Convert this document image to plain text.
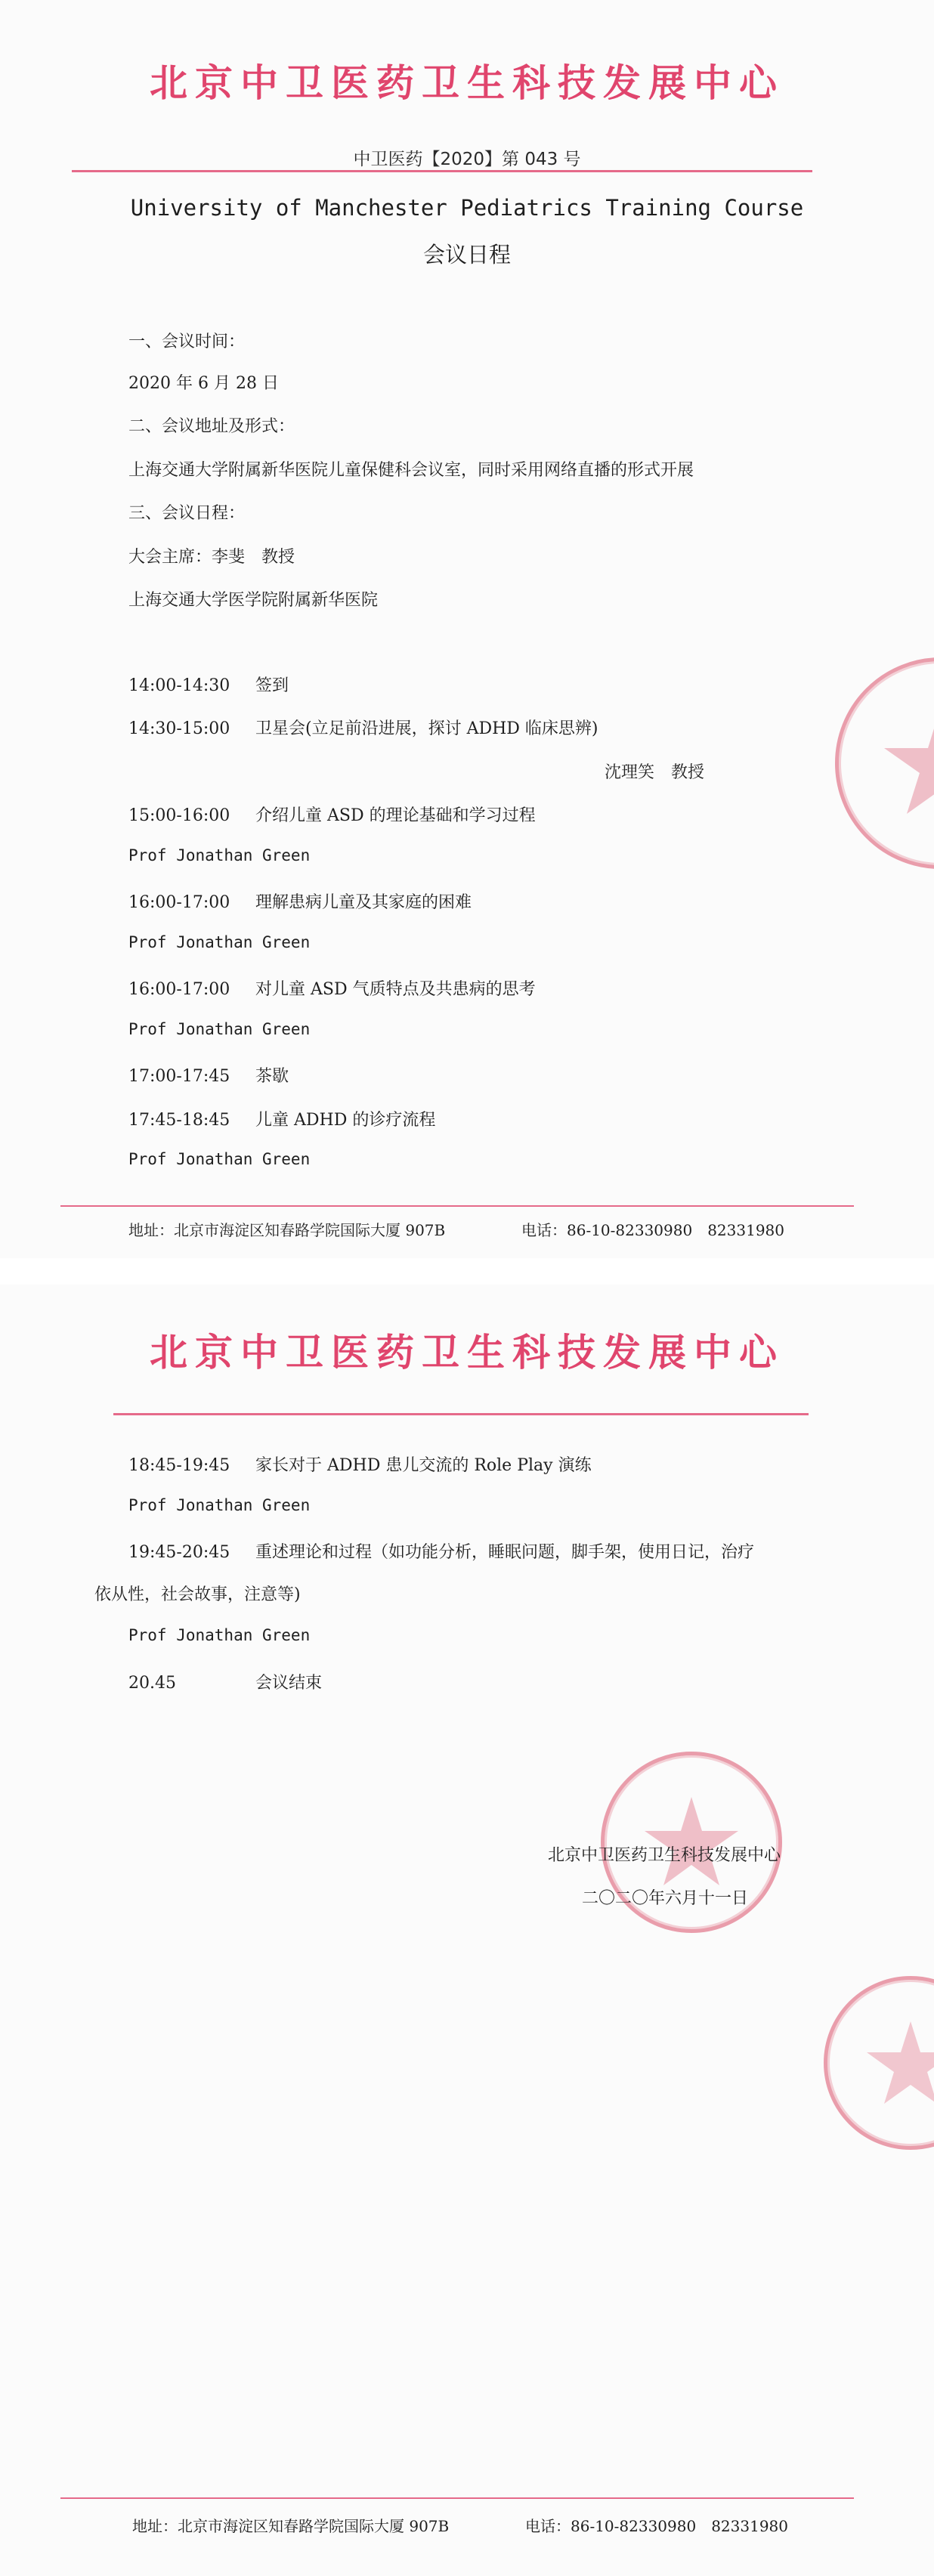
北京中卫医药卫生科技发展中心
中卫医药【2020】第 043 号
University of Manchester Pediatrics Training Course
会议日程
一、会议时间：
2020 年 6 月 28 日
二、会议地址及形式：
上海交通大学附属新华医院儿童保健科会议室，同时采用网络直播的形式开展
三、会议日程：
大会主席：李斐　教授
上海交通大学医学院附属新华医院
14:00-14:30 签到
14:30-15:00 卫星会(立足前沿进展，探讨 ADHD 临床思辨)
沈理笑　教授
15:00-16:00 介绍儿童 ASD 的理论基础和学习过程
Prof Jonathan Green
16:00-17:00 理解患病儿童及其家庭的困难
Prof Jonathan Green
16:00-17:00 对儿童 ASD 气质特点及共患病的思考
Prof Jonathan Green
17:00-17:45 茶歇
17:45-18:45 儿童 ADHD 的诊疗流程
Prof Jonathan Green
地址：北京市海淀区知春路学院国际大厦 907B	电话：86-10-82330980　82331980
北京中卫医药卫生科技发展中心
18:45-19:45 家长对于 ADHD 患儿交流的 Role Play 演练
Prof Jonathan Green
19:45-20:45 重述理论和过程（如功能分析，睡眠问题，脚手架，使用日记，治疗
依从性，社会故事，注意等)
Prof Jonathan Green
20.45	会议结束
北京中卫医药卫生科技发展中心
二〇二〇年六月十一日
地址：北京市海淀区知春路学院国际大厦 907B	电话：86-10-82330980　82331980
